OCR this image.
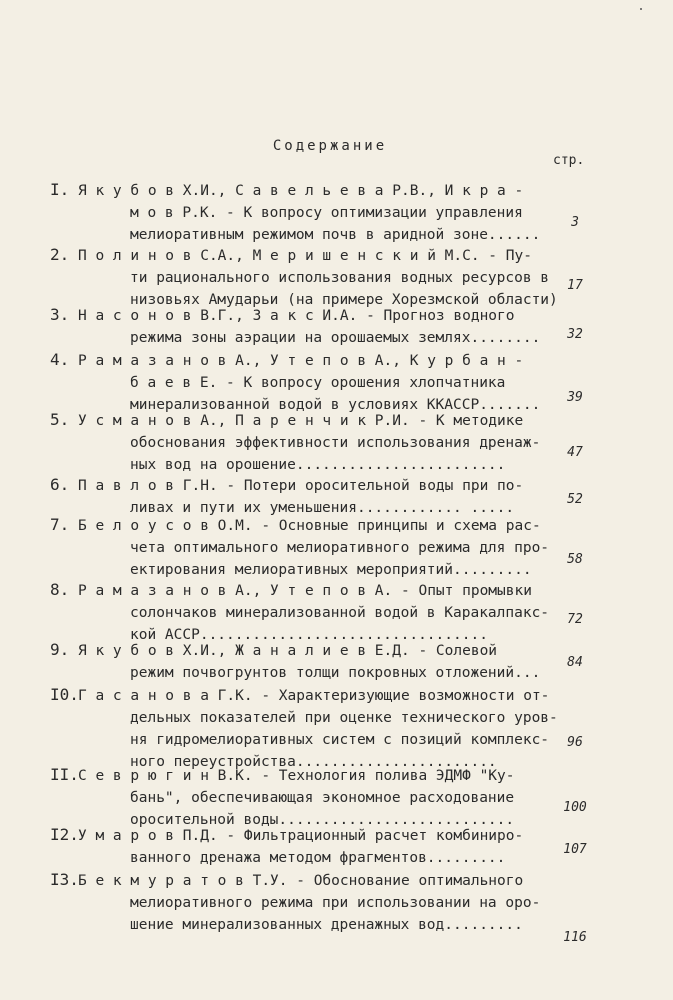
Содержание
стр.
I. Я к у б о в Х.И., С а в е л ь е в а Р.В., И к р а -
м о в Р.К. - К вопросу оптимизации управления
мелиоративным режимом почв в аридной зоне......
3
2. П о л и н о в С.А., М е р и ш е н с к и й М.С. - Пу-
ти рационального использования водных ресурсов в
низовьях Амударьи (на примере Хорезмской области)
17
3. Н а с о н о в В.Г., З а к с И.А. - Прогноз водного
режима зоны аэрации на орошаемых землях........	32
4. Р а м а з а н о в А., У т е п о в А., К у р б а н -
б а е в Е. - К вопросу орошения хлопчатника
минерализованной водой в условиях ККАССР.......	39
5. У с м а н о в А., П а р е н ч и к Р.И. - К методике
обоснования эффективности использования дренаж-
ных вод на орошение........................
47
6. П а в л о в Г.Н. - Потери оросительной воды при по-
ливах и пути их уменьшения............ .....
52
7. Б е л о у с о в О.М. - Основные принципы и схема рас-
чета оптимального мелиоративного режима для про-
ектирования мелиоративных мероприятий.........
58
8. Р а м а з а н о в А., У т е п о в А. - Опыт промывки
солончаков минерализованной водой в Каракалпакс-
кой АССР.................................
72
9. Я к у б о в Х.И., Ж а н а л и е в Е.Д. - Солевой
режим почвогрунтов толщи покровных отложений...
84
I0. Г а с а н о в а Г.К. - Характеризующие возможности от-
дельных показателей при оценке технического уров-
ня гидромелиоративных систем с позиций комплекс-
ного переустройства.......................
96
II. С е в р ю г и н В.К. - Технология полива ЭДМФ "Ку-
бань", обеспечивающая экономное расходование
оросительной воды...........................
100
I2. У м а р о в П.Д. - Фильтрационный расчет комбиниро-
ванного дренажа методом фрагментов.........
107
I3. Б е к м у р а т о в Т.У. - Обоснование оптимального
мелиоративного режима при использовании на оро-
шение минерализованных дренажных вод.........
116
